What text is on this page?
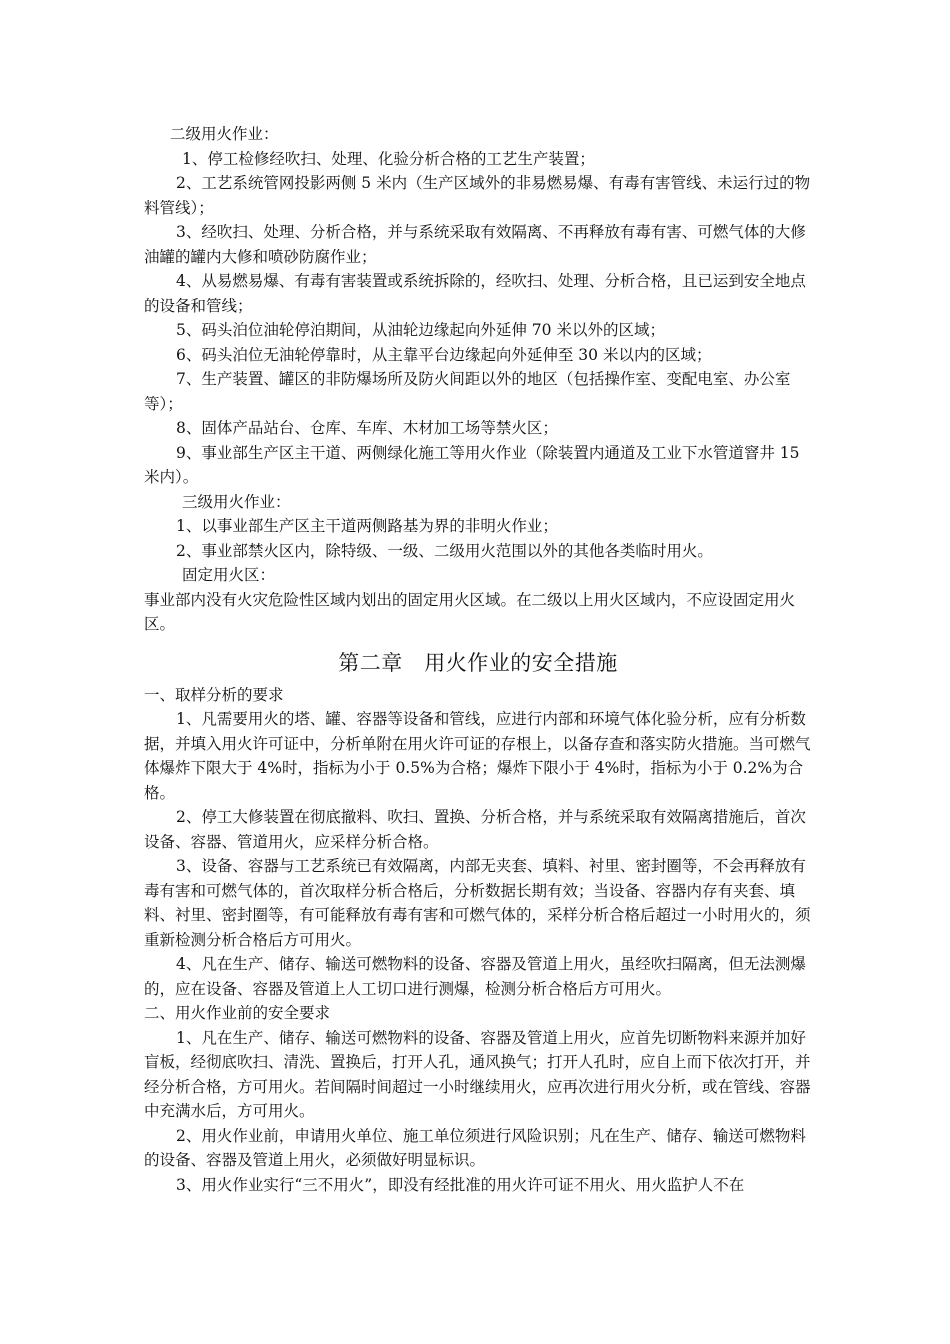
二级用火作业：

1、停工检修经吹扫、处理、化验分析合格的工艺生产装置；

2、工艺系统管网投影两侧 5 米内（生产区域外的非易燃易爆、有毒有害管线、未运行过的物料管线）；

3、经吹扫、处理、分析合格，并与系统采取有效隔离、不再释放有毒有害、可燃气体的大修油罐的罐内大修和喷砂防腐作业；

4、从易燃易爆、有毒有害装置或系统拆除的，经吹扫、处理、分析合格，且已运到安全地点的设备和管线；

5、码头泊位油轮停泊期间，从油轮边缘起向外延伸 70 米以外的区域；

6、码头泊位无油轮停靠时，从主靠平台边缘起向外延伸至 30 米以内的区域；

7、生产装置、罐区的非防爆场所及防火间距以外的地区（包括操作室、变配电室、办公室等）；

8、固体产品站台、仓库、车库、木材加工场等禁火区；

9、事业部生产区主干道、两侧绿化施工等用火作业（除装置内通道及工业下水管道窨井 15 米内）。

三级用火作业：

1、以事业部生产区主干道两侧路基为界的非明火作业；

2、事业部禁火区内，除特级、一级、二级用火范围以外的其他各类临时用火。

固定用火区：

事业部内没有火灾危险性区域内划出的固定用火区域。在二级以上用火区域内，不应设固定用火区。

第二章　用火作业的安全措施

一、取样分析的要求

1、凡需要用火的塔、罐、容器等设备和管线，应进行内部和环境气体化验分析，应有分析数据，并填入用火许可证中，分析单附在用火许可证的存根上，以备存查和落实防火措施。当可燃气体爆炸下限大于 4%时，指标为小于 0.5%为合格；爆炸下限小于 4%时，指标为小于 0.2%为合格。

2、停工大修装置在彻底撤料、吹扫、置换、分析合格，并与系统采取有效隔离措施后，首次设备、容器、管道用火，应采样分析合格。

3、设备、容器与工艺系统已有效隔离，内部无夹套、填料、衬里、密封圈等，不会再释放有毒有害和可燃气体的，首次取样分析合格后，分析数据长期有效；当设备、容器内存有夹套、填料、衬里、密封圈等，有可能释放有毒有害和可燃气体的，采样分析合格后超过一小时用火的，须重新检测分析合格后方可用火。

4、凡在生产、储存、输送可燃物料的设备、容器及管道上用火，虽经吹扫隔离，但无法测爆的，应在设备、容器及管道上人工切口进行测爆，检测分析合格后方可用火。

二、用火作业前的安全要求

1、凡在生产、储存、输送可燃物料的设备、容器及管道上用火，应首先切断物料来源并加好盲板，经彻底吹扫、清洗、置换后，打开人孔，通风换气；打开人孔时，应自上而下依次打开，并经分析合格，方可用火。若间隔时间超过一小时继续用火，应再次进行用火分析，或在管线、容器中充满水后，方可用火。

2、用火作业前，申请用火单位、施工单位须进行风险识别；凡在生产、储存、输送可燃物料的设备、容器及管道上用火，必须做好明显标识。

3、用火作业实行“三不用火”，即没有经批准的用火许可证不用火、用火监护人不在
